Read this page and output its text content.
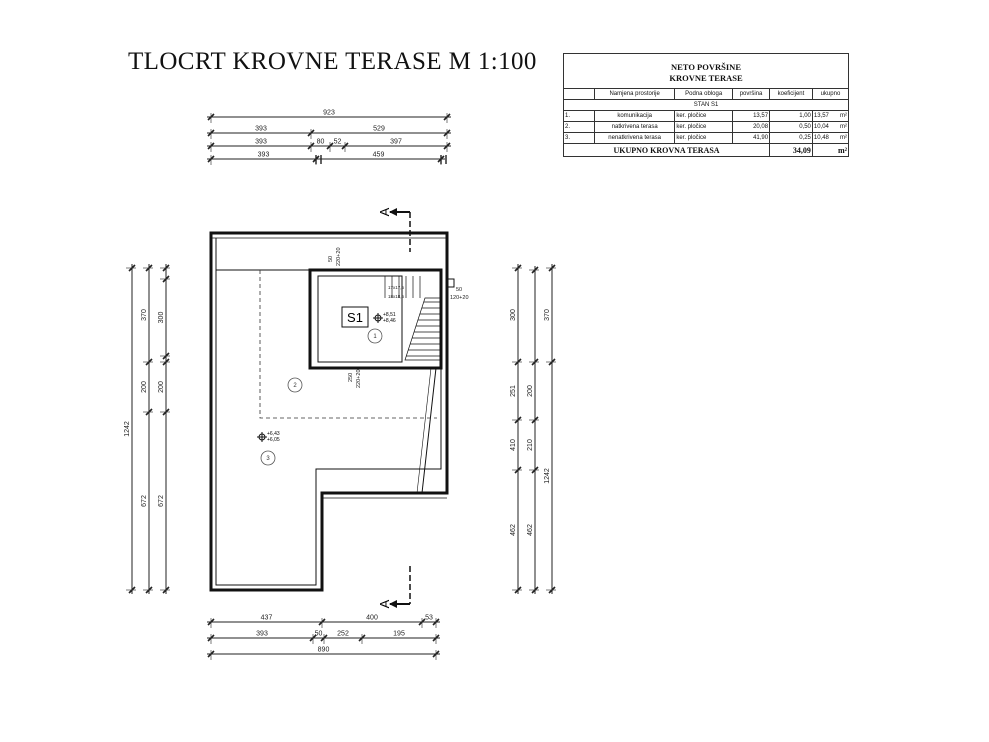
TLOCRT KROVNE TERASE M 1:100	NETO POVRŠINE
KROVNE TERASE					
	Namjena prostorije	Podna obloga	površina	koeficijent	ukupno
STAN S1					
1.	komunikacija	ker. pločice	13,57	1,00	13,57 m²

2.	natkrivena terasa	ker. pločice	20,08	0,50	10,04 m²

3.	nenatkrivena terasa	ker. pločice	41,90	0,25	10,48 m²

UKUPNO KROVNA TERASA				34,09	m²
923
393	529
393	80 52	397
393	459
437	400	53
393	50 252	195
890
1242
370
200
672
300
200
672
300
251
410
462
200
210
462
370
1242
S1	+8,51
+8,46
+6,43
+6,05
1
2
3
50 220+20
50
120+20
250 220+20
17x17,5
18x18,5
A
A
